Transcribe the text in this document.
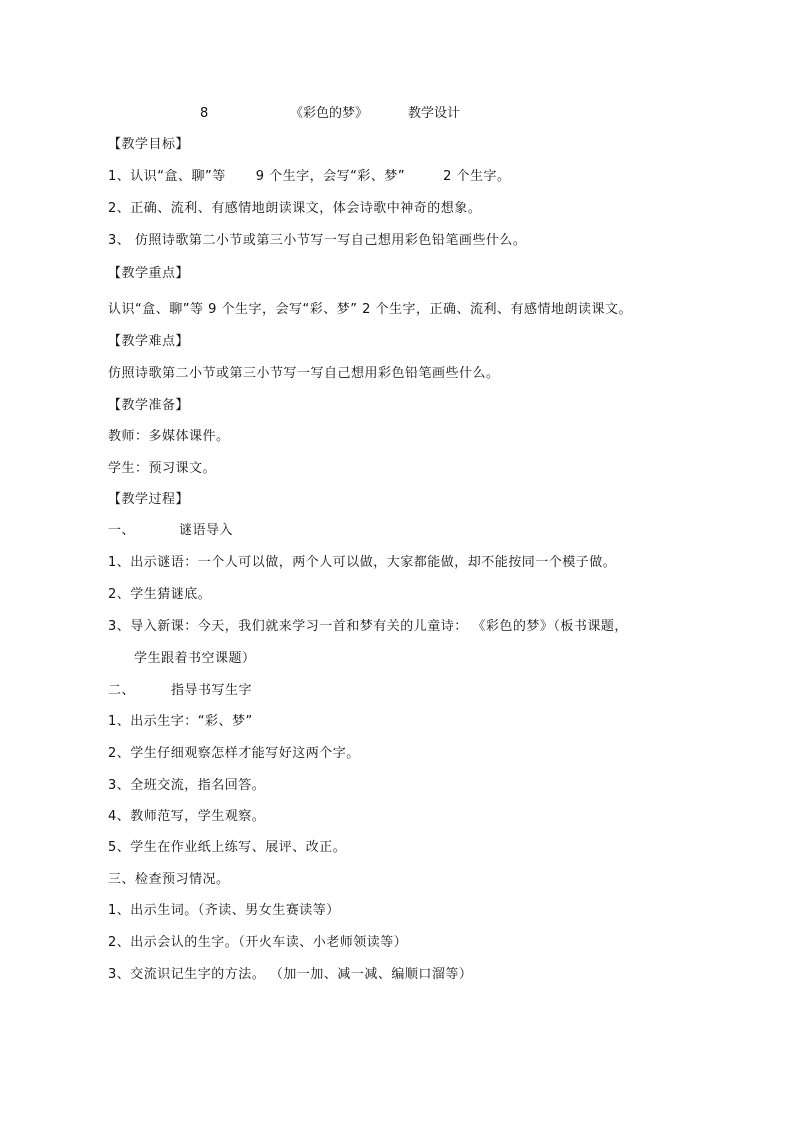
8	《彩色的梦》	教学设计
【教学目标】
1、认识“盒、聊”等 9 个生字，会写“彩、梦”	2 个生字。
2、正确、流利、有感情地朗读课文，体会诗歌中神奇的想象。
3、 仿照诗歌第二小节或第三小节写一写自己想用彩色铅笔画些什么。
【教学重点】
认识“盒、聊”等 9 个生字，会写“彩、梦” 2 个生字，正确、流利、有感情地朗读课文。
【教学难点】
仿照诗歌第二小节或第三小节写一写自己想用彩色铅笔画些什么。
【教学准备】
教师：多媒体课件。
学生：预习课文。
【教学过程】
一、	谜语导入
1、出示谜语：一个人可以做，两个人可以做，大家都能做，却不能按同一个模子做。
2、学生猜谜底。
3、导入新课：今天，我们就来学习一首和梦有关的儿童诗： 《彩色的梦》（板书课题，
学生跟着书空课题）
二、	指导书写生字
1、出示生字：“彩、梦”
2、学生仔细观察怎样才能写好这两个字。
3、全班交流，指名回答。
4、教师范写，学生观察。
5、学生在作业纸上练写、展评、改正。
三、检查预习情况。
1、出示生词。（齐读、男女生赛读等）
2、出示会认的生字。（开火车读、小老师领读等）
3、交流识记生字的方法。 （加一加、减一减、编顺口溜等）
